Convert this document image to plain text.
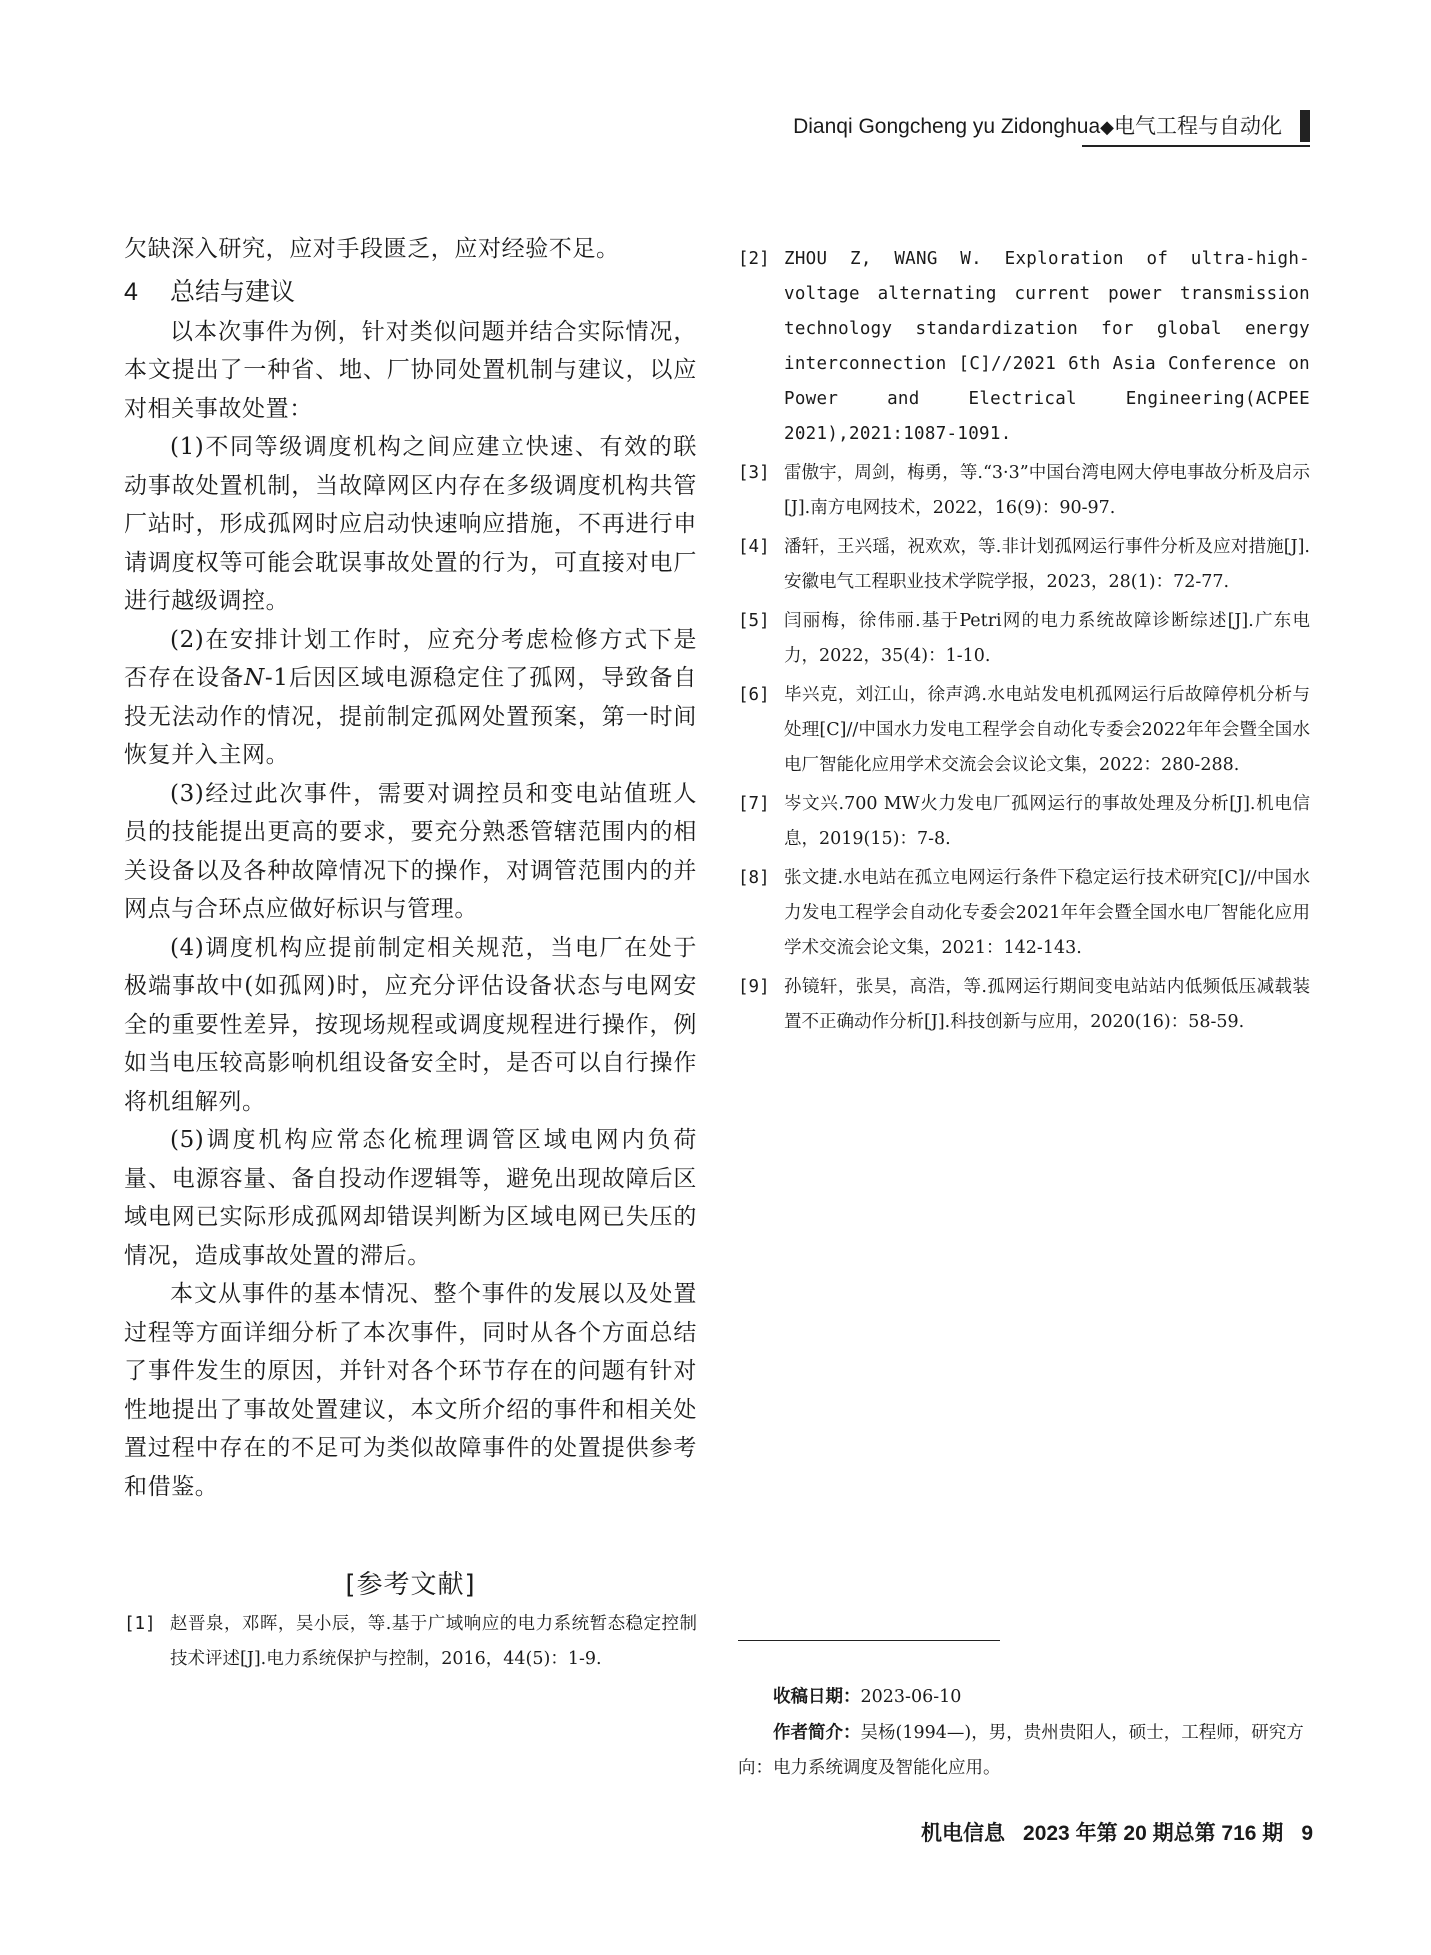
Dianqi Gongcheng yu Zidonghua◆电气工程与自动化

欠缺深入研究，应对手段匮乏，应对经验不足。

4 总结与建议

以本次事件为例，针对类似问题并结合实际情况，本文提出了一种省、地、厂协同处置机制与建议，以应对相关事故处置：

(1)不同等级调度机构之间应建立快速、有效的联动事故处置机制，当故障网区内存在多级调度机构共管厂站时，形成孤网时应启动快速响应措施，不再进行申请调度权等可能会耽误事故处置的行为，可直接对电厂进行越级调控。

(2)在安排计划工作时，应充分考虑检修方式下是否存在设备N-1后因区域电源稳定住了孤网，导致备自投无法动作的情况，提前制定孤网处置预案，第一时间恢复并入主网。

(3)经过此次事件，需要对调控员和变电站值班人员的技能提出更高的要求，要充分熟悉管辖范围内的相关设备以及各种故障情况下的操作，对调管范围内的并网点与合环点应做好标识与管理。

(4)调度机构应提前制定相关规范，当电厂在处于极端事故中(如孤网)时，应充分评估设备状态与电网安全的重要性差异，按现场规程或调度规程进行操作，例如当电压较高影响机组设备安全时，是否可以自行操作将机组解列。

(5)调度机构应常态化梳理调管区域电网内负荷量、电源容量、备自投动作逻辑等，避免出现故障后区域电网已实际形成孤网却错误判断为区域电网已失压的情况，造成事故处置的滞后。

本文从事件的基本情况、整个事件的发展以及处置过程等方面详细分析了本次事件，同时从各个方面总结了事件发生的原因，并针对各个环节存在的问题有针对性地提出了事故处置建议，本文所介绍的事件和相关处置过程中存在的不足可为类似故障事件的处置提供参考和借鉴。

[参考文献]
[1] 赵晋泉，邓晖，吴小辰，等.基于广域响应的电力系统暂态稳定控制技术评述[J].电力系统保护与控制，2016，44(5)：1-9.
[2] ZHOU Z, WANG W. Exploration of ultra-high-voltage alternating current power transmission technology standardization for global energy interconnection [C]//2021 6th Asia Conference on Power and Electrical Engineering(ACPEE 2021),2021:1087-1091.
[3] 雷傲宇，周剑，梅勇，等.“3·3”中国台湾电网大停电事故分析及启示[J].南方电网技术，2022，16(9)：90-97.
[4] 潘轩，王兴瑶，祝欢欢，等.非计划孤网运行事件分析及应对措施[J].安徽电气工程职业技术学院学报，2023，28(1)：72-77.
[5] 闫丽梅，徐伟丽.基于Petri网的电力系统故障诊断综述[J].广东电力，2022，35(4)：1-10.
[6] 毕兴克，刘江山，徐声鸿.水电站发电机孤网运行后故障停机分析与处理[C]//中国水力发电工程学会自动化专委会2022年年会暨全国水电厂智能化应用学术交流会会议论文集，2022：280-288.
[7] 岑文兴.700 MW火力发电厂孤网运行的事故处理及分析[J].机电信息，2019(15)：7-8.
[8] 张文捷.水电站在孤立电网运行条件下稳定运行技术研究[C]//中国水力发电工程学会自动化专委会2021年年会暨全国水电厂智能化应用学术交流会论文集，2021：142-143.
[9] 孙镜轩，张昊，高浩，等.孤网运行期间变电站站内低频低压减载装置不正确动作分析[J].科技创新与应用，2020(16)：58-59.
收稿日期：2023-06-10
作者简介：吴杨(1994—)，男，贵州贵阳人，硕士，工程师，研究方向：电力系统调度及智能化应用。
机电信息 2023 年第 20 期总第 716 期 9
